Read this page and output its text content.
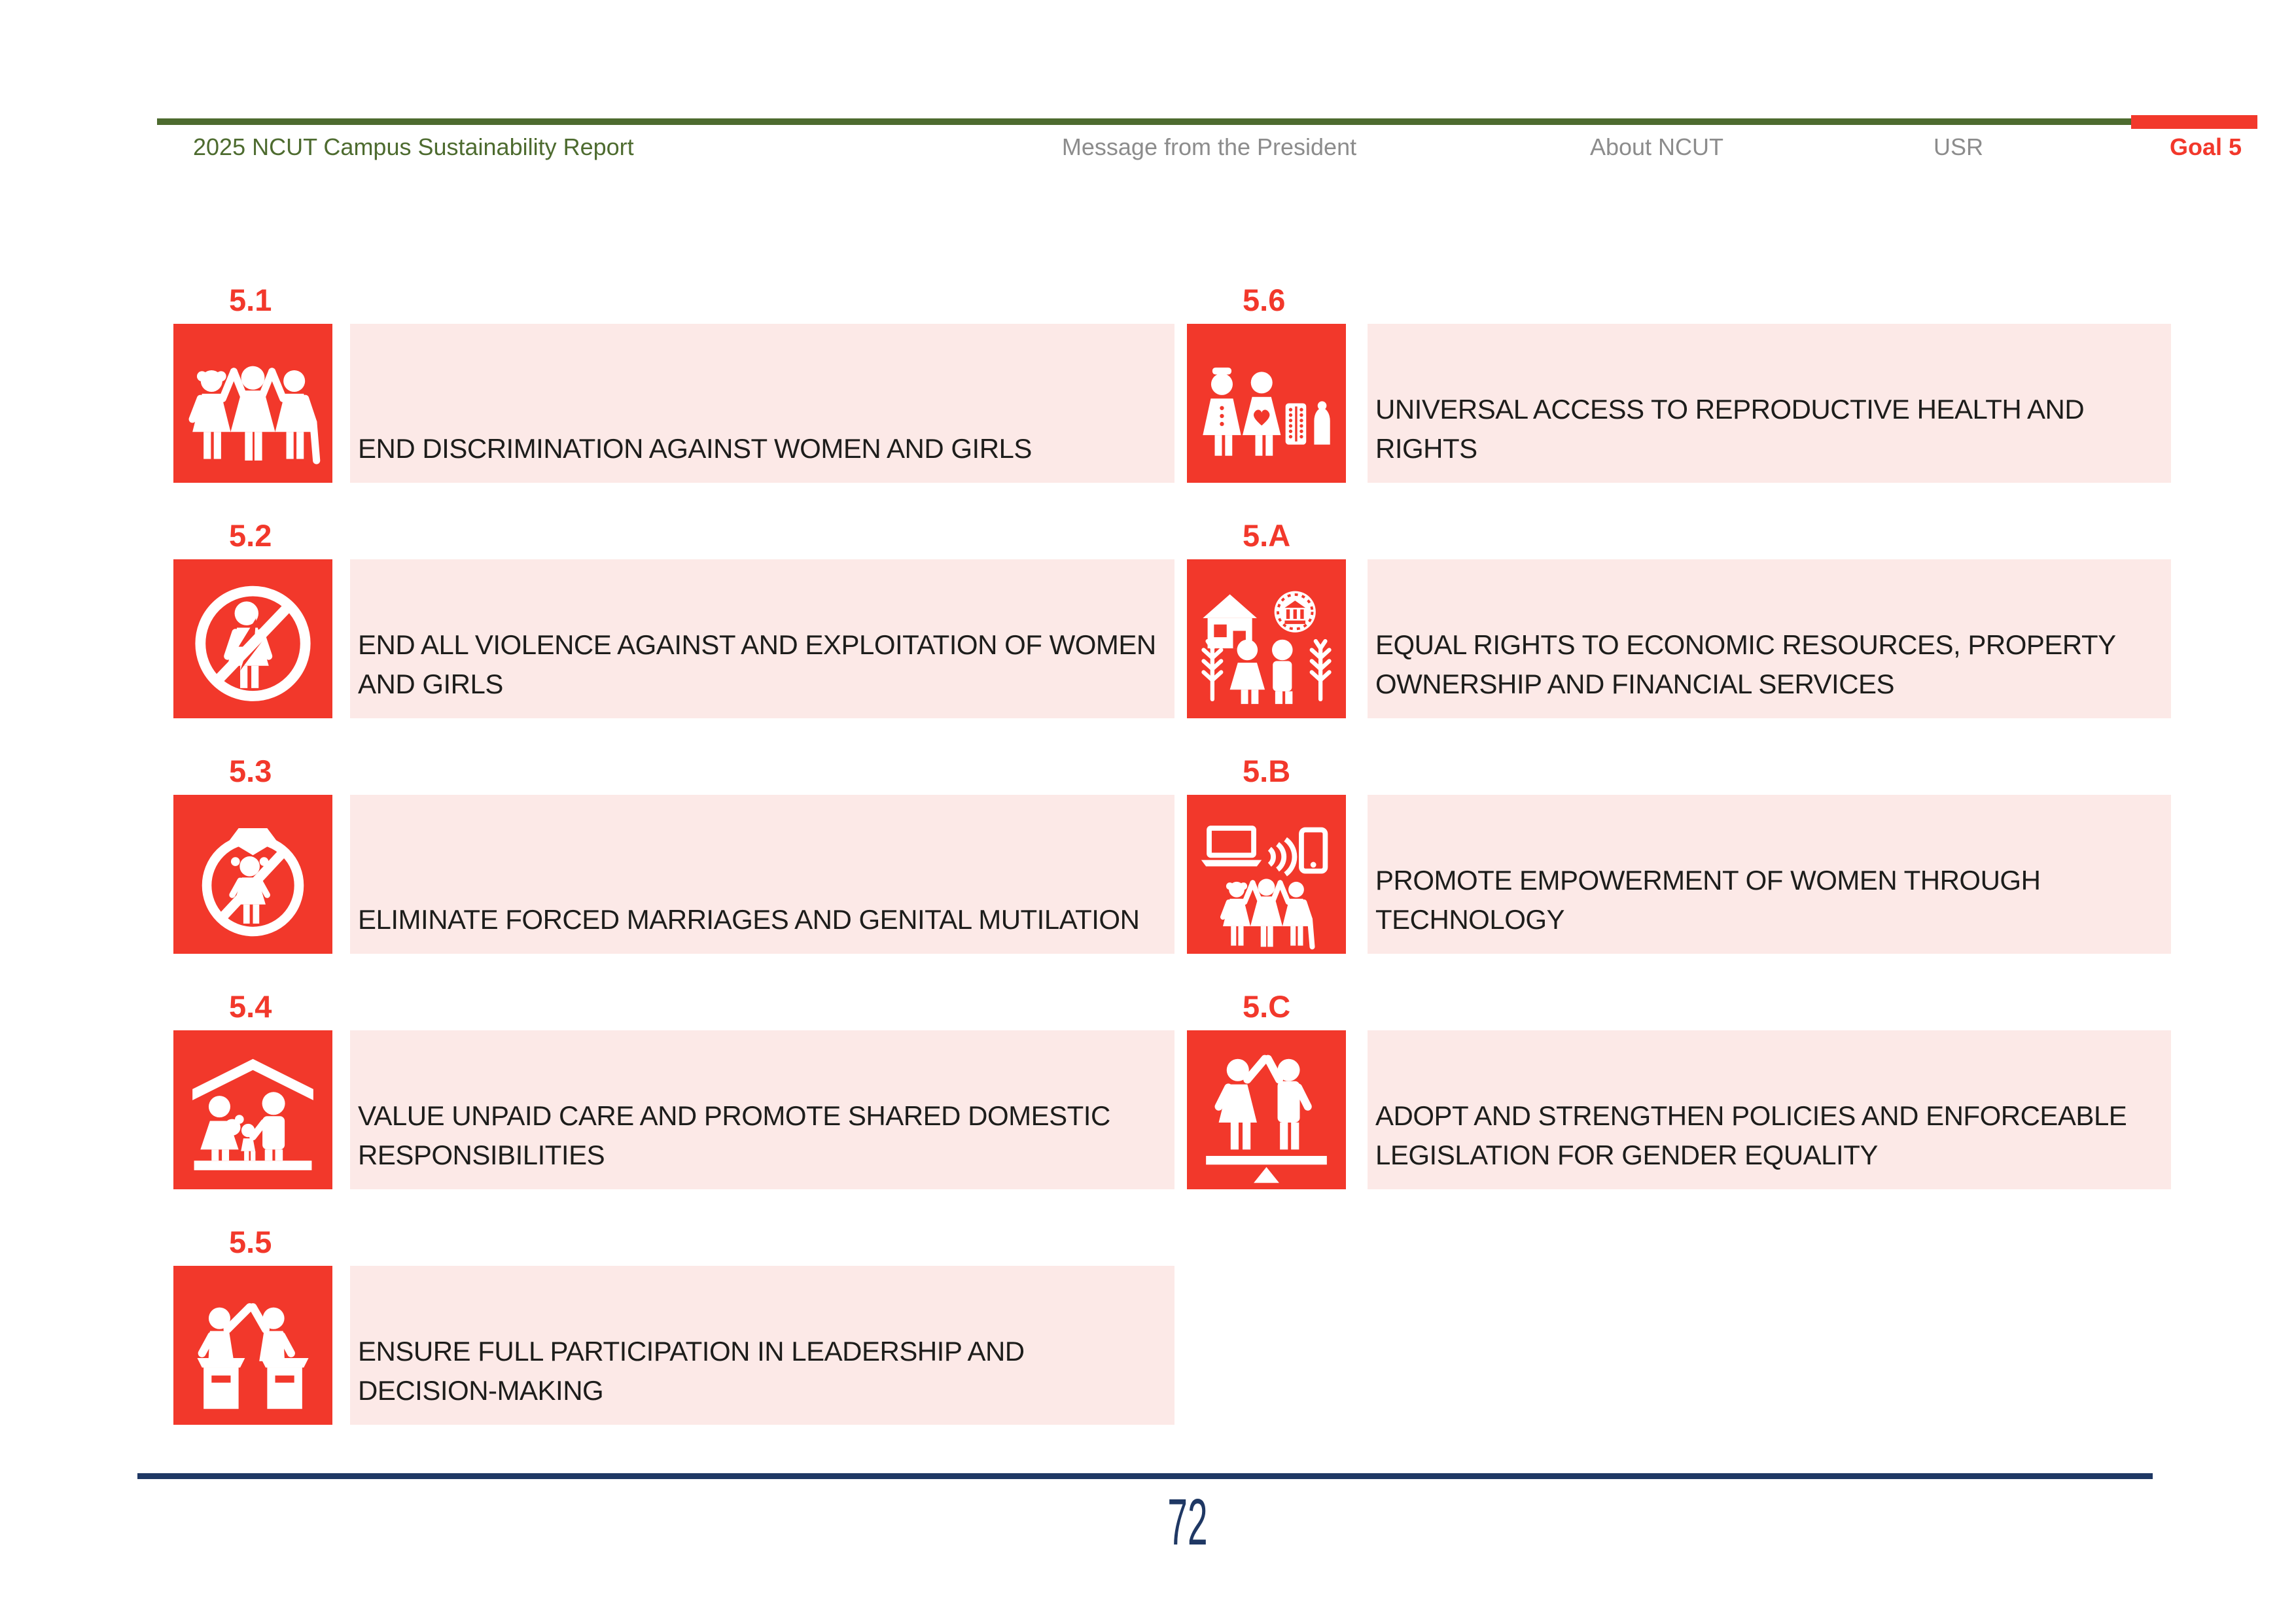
2025 NCUT Campus Sustainability Report	Message from the President	About NCUT	USR	Goal 5
5.1
END DISCRIMINATION AGAINST WOMEN AND GIRLS
5.2
END ALL VIOLENCE AGAINST AND EXPLOITATION OF WOMEN AND GIRLS
5.3
ELIMINATE FORCED MARRIAGES AND GENITAL MUTILATION
5.4
VALUE UNPAID CARE AND PROMOTE SHARED DOMESTIC RESPONSIBILITIES
5.5
ENSURE FULL PARTICIPATION IN LEADERSHIP AND DECISION-MAKING
5.6
UNIVERSAL ACCESS TO REPRODUCTIVE HEALTH AND RIGHTS
5.A
EQUAL RIGHTS TO ECONOMIC RESOURCES, PROPERTY OWNERSHIP AND FINANCIAL SERVICES
5.B
PROMOTE EMPOWERMENT OF WOMEN THROUGH TECHNOLOGY
5.C
ADOPT AND STRENGTHEN POLICIES AND ENFORCEABLE LEGISLATION FOR GENDER EQUALITY
72
